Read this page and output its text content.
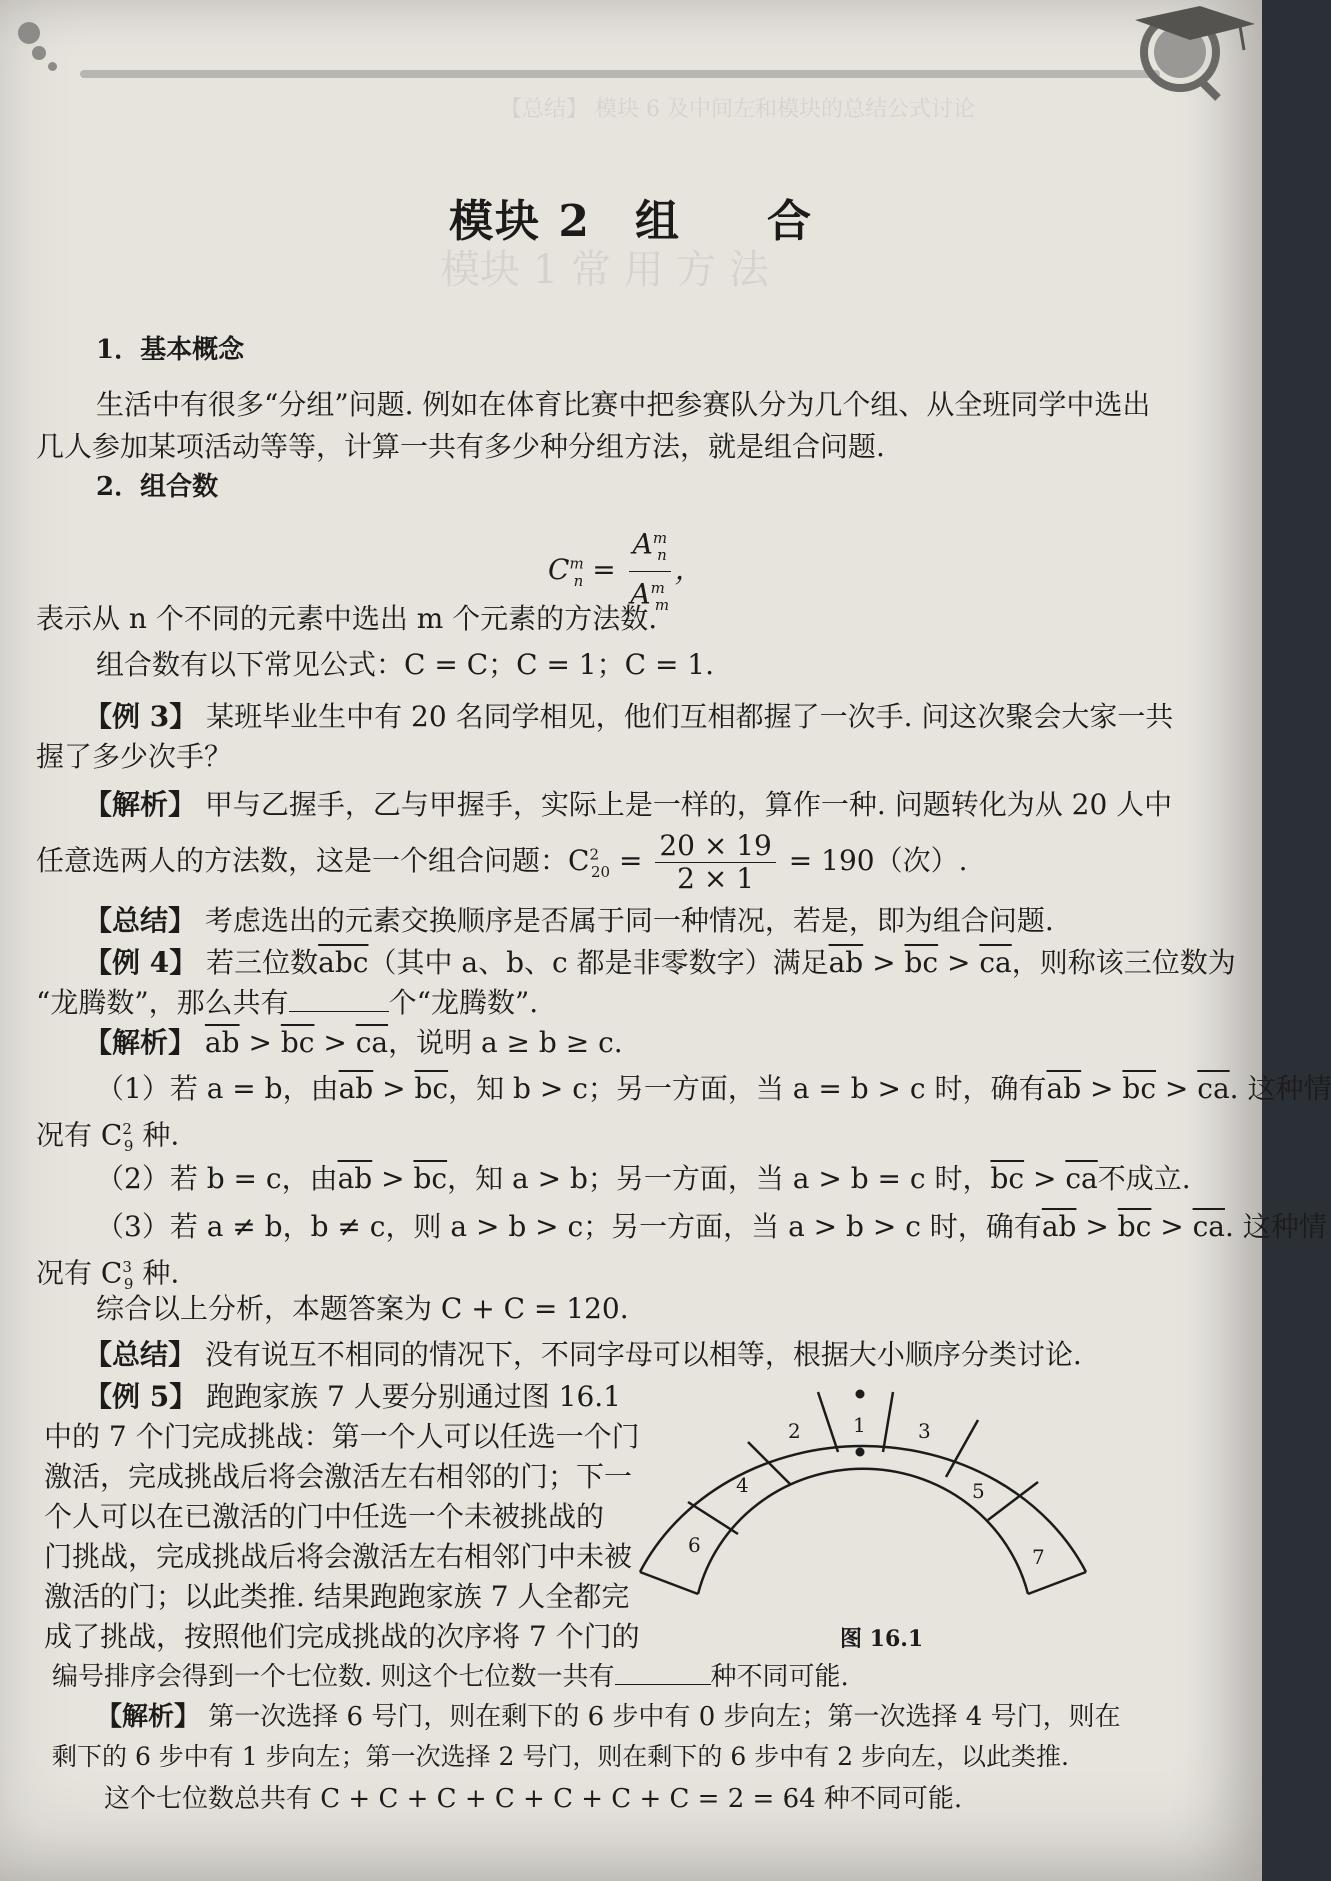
【总结】 模块 6 及中间左和模块的总结公式讨论
模块 1 常 用 方 法
模块 2 组 合
1．基本概念
生活中有很多“分组”问题. 例如在体育比赛中把参赛队分为几个组、从全班同学中选出
几人参加某项活动等等，计算一共有多少种分组方法，就是组合问题.
2．组合数
$C^m_n = \frac{A^m_n}{A^m_m}$ ，
表示从 n 个不同的元素中选出 m 个元素的方法数.
组合数有以下常见公式：C = C；C = 1；C = 1.
【例 3】 某班毕业生中有 20 名同学相见，他们互相都握了一次手. 问这次聚会大家一共
握了多少次手？
【解析】 甲与乙握手，乙与甲握手，实际上是一样的，算作一种. 问题转化为从 20 人中
任意选两人的方法数，这是一个组合问题：$C^2_{20} = \frac{20 \times 19}{2 \times 1} = 190$（次）.
【总结】 考虑选出的元素交换顺序是否属于同一种情况，若是，即为组合问题.
【例 4】 若三位数$\overline{abc}$（其中 a、b、c 都是非零数字）满足$\overline{ab} > \overline{bc} > \overline{ca}$，则称该三位数为
“龙腾数”，那么共有	个“龙腾数”.
【解析】 $\overline{ab} > \overline{bc} > \overline{ca}$，说明 a ≥ b ≥ c.
（1）若 a = b，由$\overline{ab} > \overline{bc}$，知 b > c；另一方面，当 a = b > c 时，确有$\overline{ab} > \overline{bc} > \overline{ca}$. 这种情
况有 $C^2_9$ 种.
（2）若 b = c，由$\overline{ab} > \overline{bc}$，知 a > b；另一方面，当 a > b = c 时，$\overline{bc} > \overline{ca}$不成立.
（3）若 a ≠ b，b ≠ c，则 a > b > c；另一方面，当 a > b > c 时，确有$\overline{ab} > \overline{bc} > \overline{ca}$. 这种情
况有 $C^3_9$ 种.
综合以上分析，本题答案为 C + C = 120.
【总结】 没有说互不相同的情况下，不同字母可以相等，根据大小顺序分类讨论.
【例 5】 跑跑家族 7 人要分别通过图 16.1
中的 7 个门完成挑战：第一个人可以任选一个门
激活，完成挑战后将会激活左右相邻的门；下一
个人可以在已激活的门中任选一个未被挑战的
门挑战，完成挑战后将会激活左右相邻门中未被
激活的门；以此类推. 结果跑跑家族 7 人全都完
成了挑战，按照他们完成挑战的次序将 7 个门的
编号排序会得到一个七位数. 则这个七位数一共有	种不同可能.
【解析】 第一次选择 6 号门，则在剩下的 6 步中有 0 步向左；第一次选择 4 号门，则在
剩下的 6 步中有 1 步向左；第一次选择 2 号门，则在剩下的 6 步中有 2 步向左，以此类推.
这个七位数总共有 C + C + C + C + C + C + C = 2 = 64 种不同可能.
1
2	3
4	5
6	7
图 16.1
